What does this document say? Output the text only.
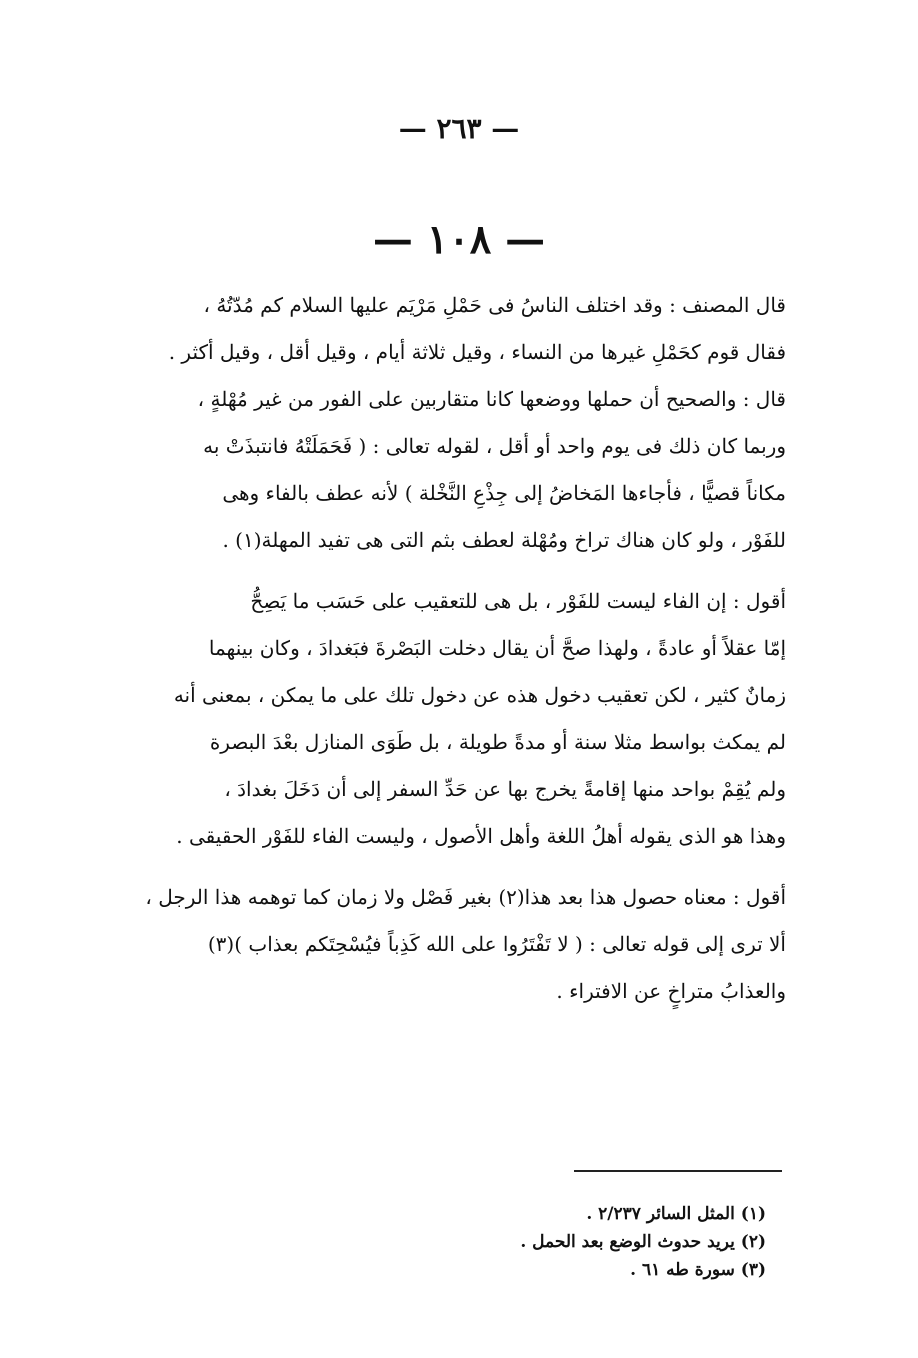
— ٢٦٣ —
— ١٠٨ —

قال المصنف : وقد اختلف الناسُ فى حَمْلِ مَرْيَم عليها السلام كم مُدّتُهُ ،
فقال قوم كحَمْلِ غيرها من النساء ، وقيل ثلاثة أيام ، وقيل أقل ، وقيل أكثر .
قال : والصحيح أن حملها ووضعها كانا متقاربين على الفور من غير مُهْلةٍ ،
وربما كان ذلك فى يوم واحد أو أقل ، لقوله تعالى : ( فَحَمَلَتْهُ فانتبذَتْ به
مكاناً قصيًّا ، فأجاءها المَخاضُ إلى جِذْعِ النَّخْلة ) لأنه عطف بالفاء وهى
للفَوْر ، ولو كان هناك تراخ ومُهْلة لعطف بثم التى هى تفيد المهلة(١) .

أقول : إن الفاء ليست للفَوْر ، بل هى للتعقيب على حَسَب ما يَصِحُّ
إمّا عقلاً أو عادةً ، ولهذا صحَّ أن يقال دخلت البَصْرةَ فبَغدادَ ، وكان بينهما
زمانٌ كثير ، لكن تعقيب دخول هذه عن دخول تلك على ما يمكن ، بمعنى أنه
لم يمكث بواسط مثلا سنة أو مدةً طويلة ، بل طَوَى المنازل بعْدَ البصرة
ولم يُقِمْ بواحد منها إقامةً يخرج بها عن حَدِّ السفر إلى أن دَخَلَ بغدادَ ،
وهذا هو الذى يقوله أهلُ اللغة وأهل الأصول ، وليست الفاء للفَوْر الحقيقى .

أقول : معناه حصول هذا بعد هذا(٢) بغير فَصْل ولا زمان كما توهمه هذا الرجل ،
ألا ترى إلى قوله تعالى : ( لا تَفْتَرُوا على الله كَذِباً فيُسْحِتَكم بعذاب )(٣)
والعذابُ متراخٍ عن الافتراء .

(١) المثل السائر ٢/٢٣٧ .
(٢) يريد حدوث الوضع بعد الحمل .
(٣) سورة طه ٦١ .
